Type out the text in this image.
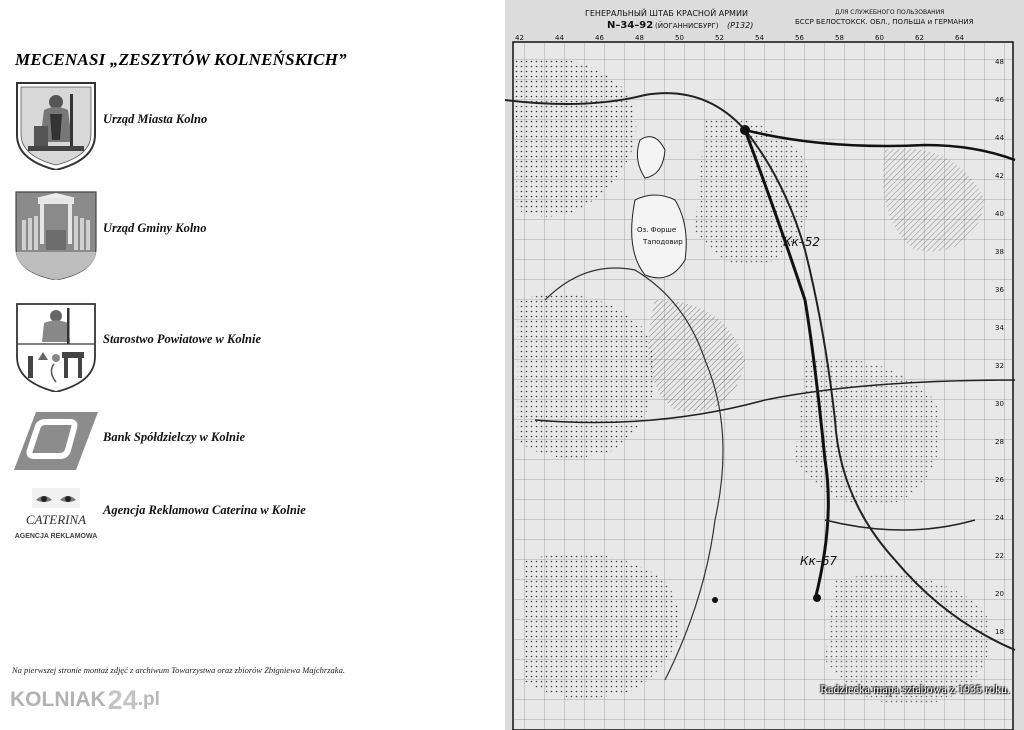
MECENASI „ZESZYTÓW KOLNEŃSKICH”
Urząd Miasta Kolno
Urząd Gminy Kolno
Starostwo Powiatowe w Kolnie
Bank Spółdzielczy w Kolnie
CATERINA
AGENCJA REKLAMOWA
Agencja Reklamowa Caterina w Kolnie
Na pierwszej stronie montaż zdjęć z archiwum Towarzystwa oraz zbiorów Zbigniewa Majchrzaka.
KOLNIAK 24 .pl
ГЕНЕРАЛЬНЫЙ ШТАБ КРАСНОЙ АРМИИ
N–34–92 (ЙОГАННИСБУРГ) (P132)
ДЛЯ СЛУЖЕБНОГО ПОЛЬЗОВАНИЯ
БССР БЕЛОСТОКСК. ОБЛ., ПОЛЬША и ГЕРМАНИЯ
42	44	46	48	50	52	54	56	58	60	62	64
48
46
44
42
40
38
36
34
32
30
28
26
24
22
20
18
Оз. Форше
Таподовир	Кк–52
Кк–67
Radziecka mapa sztabowa z 1935 roku.
